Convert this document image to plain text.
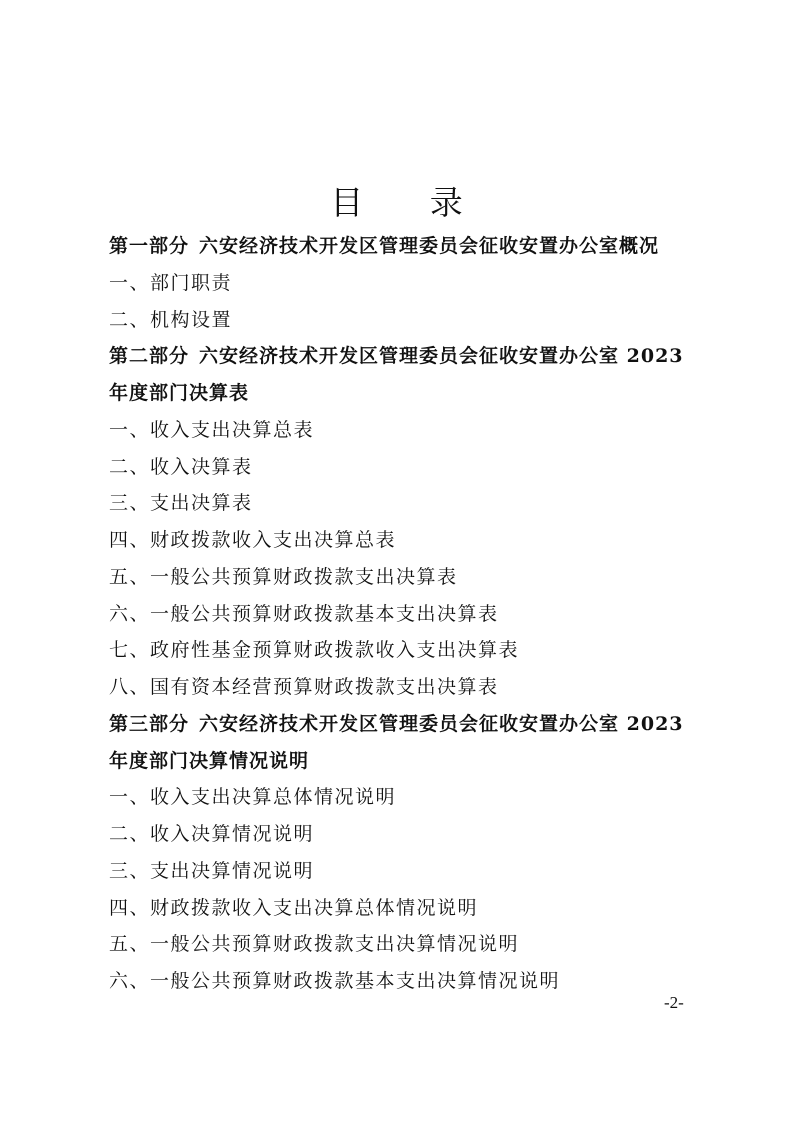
目 录
第一部分 六安经济技术开发区管理委员会征收安置办公室概况
一、部门职责
二、机构设置
第二部分 六安经济技术开发区管理委员会征收安置办公室 2023
年度部门决算表
一、收入支出决算总表
二、收入决算表
三、支出决算表
四、财政拨款收入支出决算总表
五、一般公共预算财政拨款支出决算表
六、一般公共预算财政拨款基本支出决算表
七、政府性基金预算财政拨款收入支出决算表
八、国有资本经营预算财政拨款支出决算表
第三部分 六安经济技术开发区管理委员会征收安置办公室 2023
年度部门决算情况说明
一、收入支出决算总体情况说明
二、收入决算情况说明
三、支出决算情况说明
四、财政拨款收入支出决算总体情况说明
五、一般公共预算财政拨款支出决算情况说明
六、一般公共预算财政拨款基本支出决算情况说明
-2-
